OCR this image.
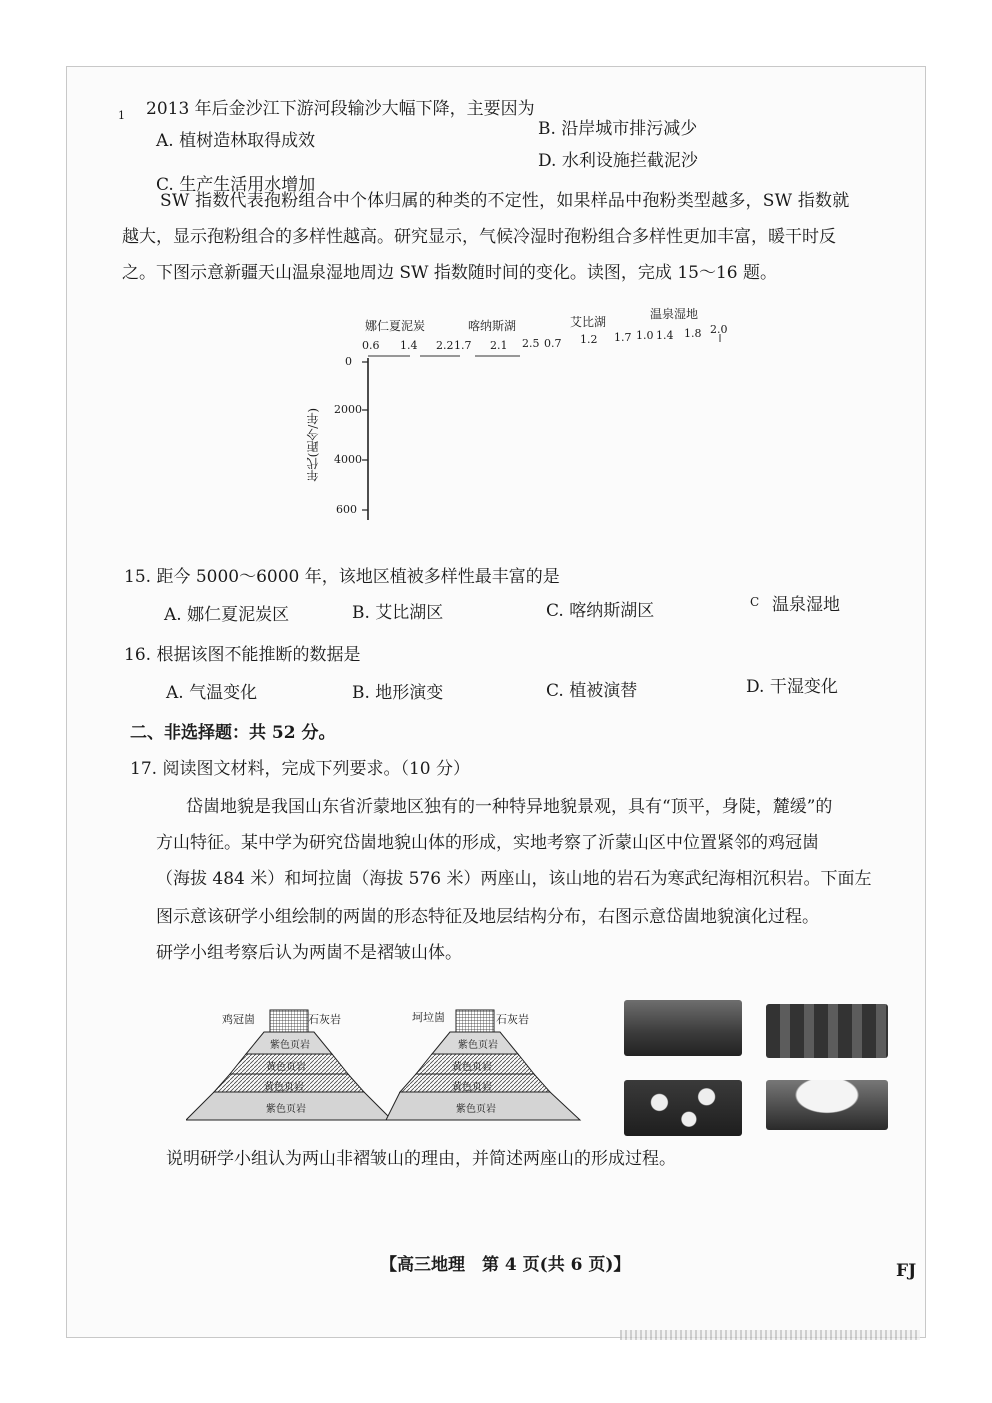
1 2013 年后金沙江下游河段输沙大幅下降，主要因为
A. 植树造林取得成效
B. 沿岸城市排污减少
C. 生产生活用水增加
D. 水利设施拦截泥沙
SW 指数代表孢粉组合中个体归属的种类的不定性，如果样品中孢粉类型越多，SW 指数就
越大，显示孢粉组合的多样性越高。研究显示，气候冷湿时孢粉组合多样性更加丰富，暖干时反
之。下图示意新疆天山温泉湿地周边 SW 指数随时间的变化。读图，完成 15～16 题。
娜仁夏泥炭	喀纳斯湖	艾比湖
温泉湿地
0.6 1.4 2.2 1.7 2.1 2.5 0.7 1.2 1.7 1.0 1.4 1.8 2.0
0
2000
4000
600
年代(距今/年)
15. 距今 5000～6000 年，该地区植被多样性最丰富的是
A. 娜仁夏泥炭区	B. 艾比湖区	C. 喀纳斯湖区	C 温泉湿地
16. 根据该图不能推断的数据是
A. 气温变化	B. 地形演变	C. 植被演替	D. 干湿变化
二、非选择题：共 52 分。
17. 阅读图文材料，完成下列要求。（10 分）
岱崮地貌是我国山东省沂蒙地区独有的一种特异地貌景观，具有“顶平，身陡，麓缓”的
方山特征。某中学为研究岱崮地貌山体的形成，实地考察了沂蒙山区中位置紧邻的鸡冠崮
（海拔 484 米）和坷拉崮（海拔 576 米）两座山，该山地的岩石为寒武纪海相沉积岩。下面左
图示意该研学小组绘制的两崮的形态特征及地层结构分布，右图示意岱崮地貌演化过程。
研学小组考察后认为两崮不是褶皱山体。
鸡冠崮	石灰岩	坷垃崮	石灰岩
紫色页岩
黄色页岩
黄色页岩
紫色页岩
紫色页岩
黄色页岩
黄色页岩
紫色页岩
说明研学小组认为两山非褶皱山的理由，并简述两座山的形成过程。
【高三地理　第 4 页(共 6 页)】	FJ
